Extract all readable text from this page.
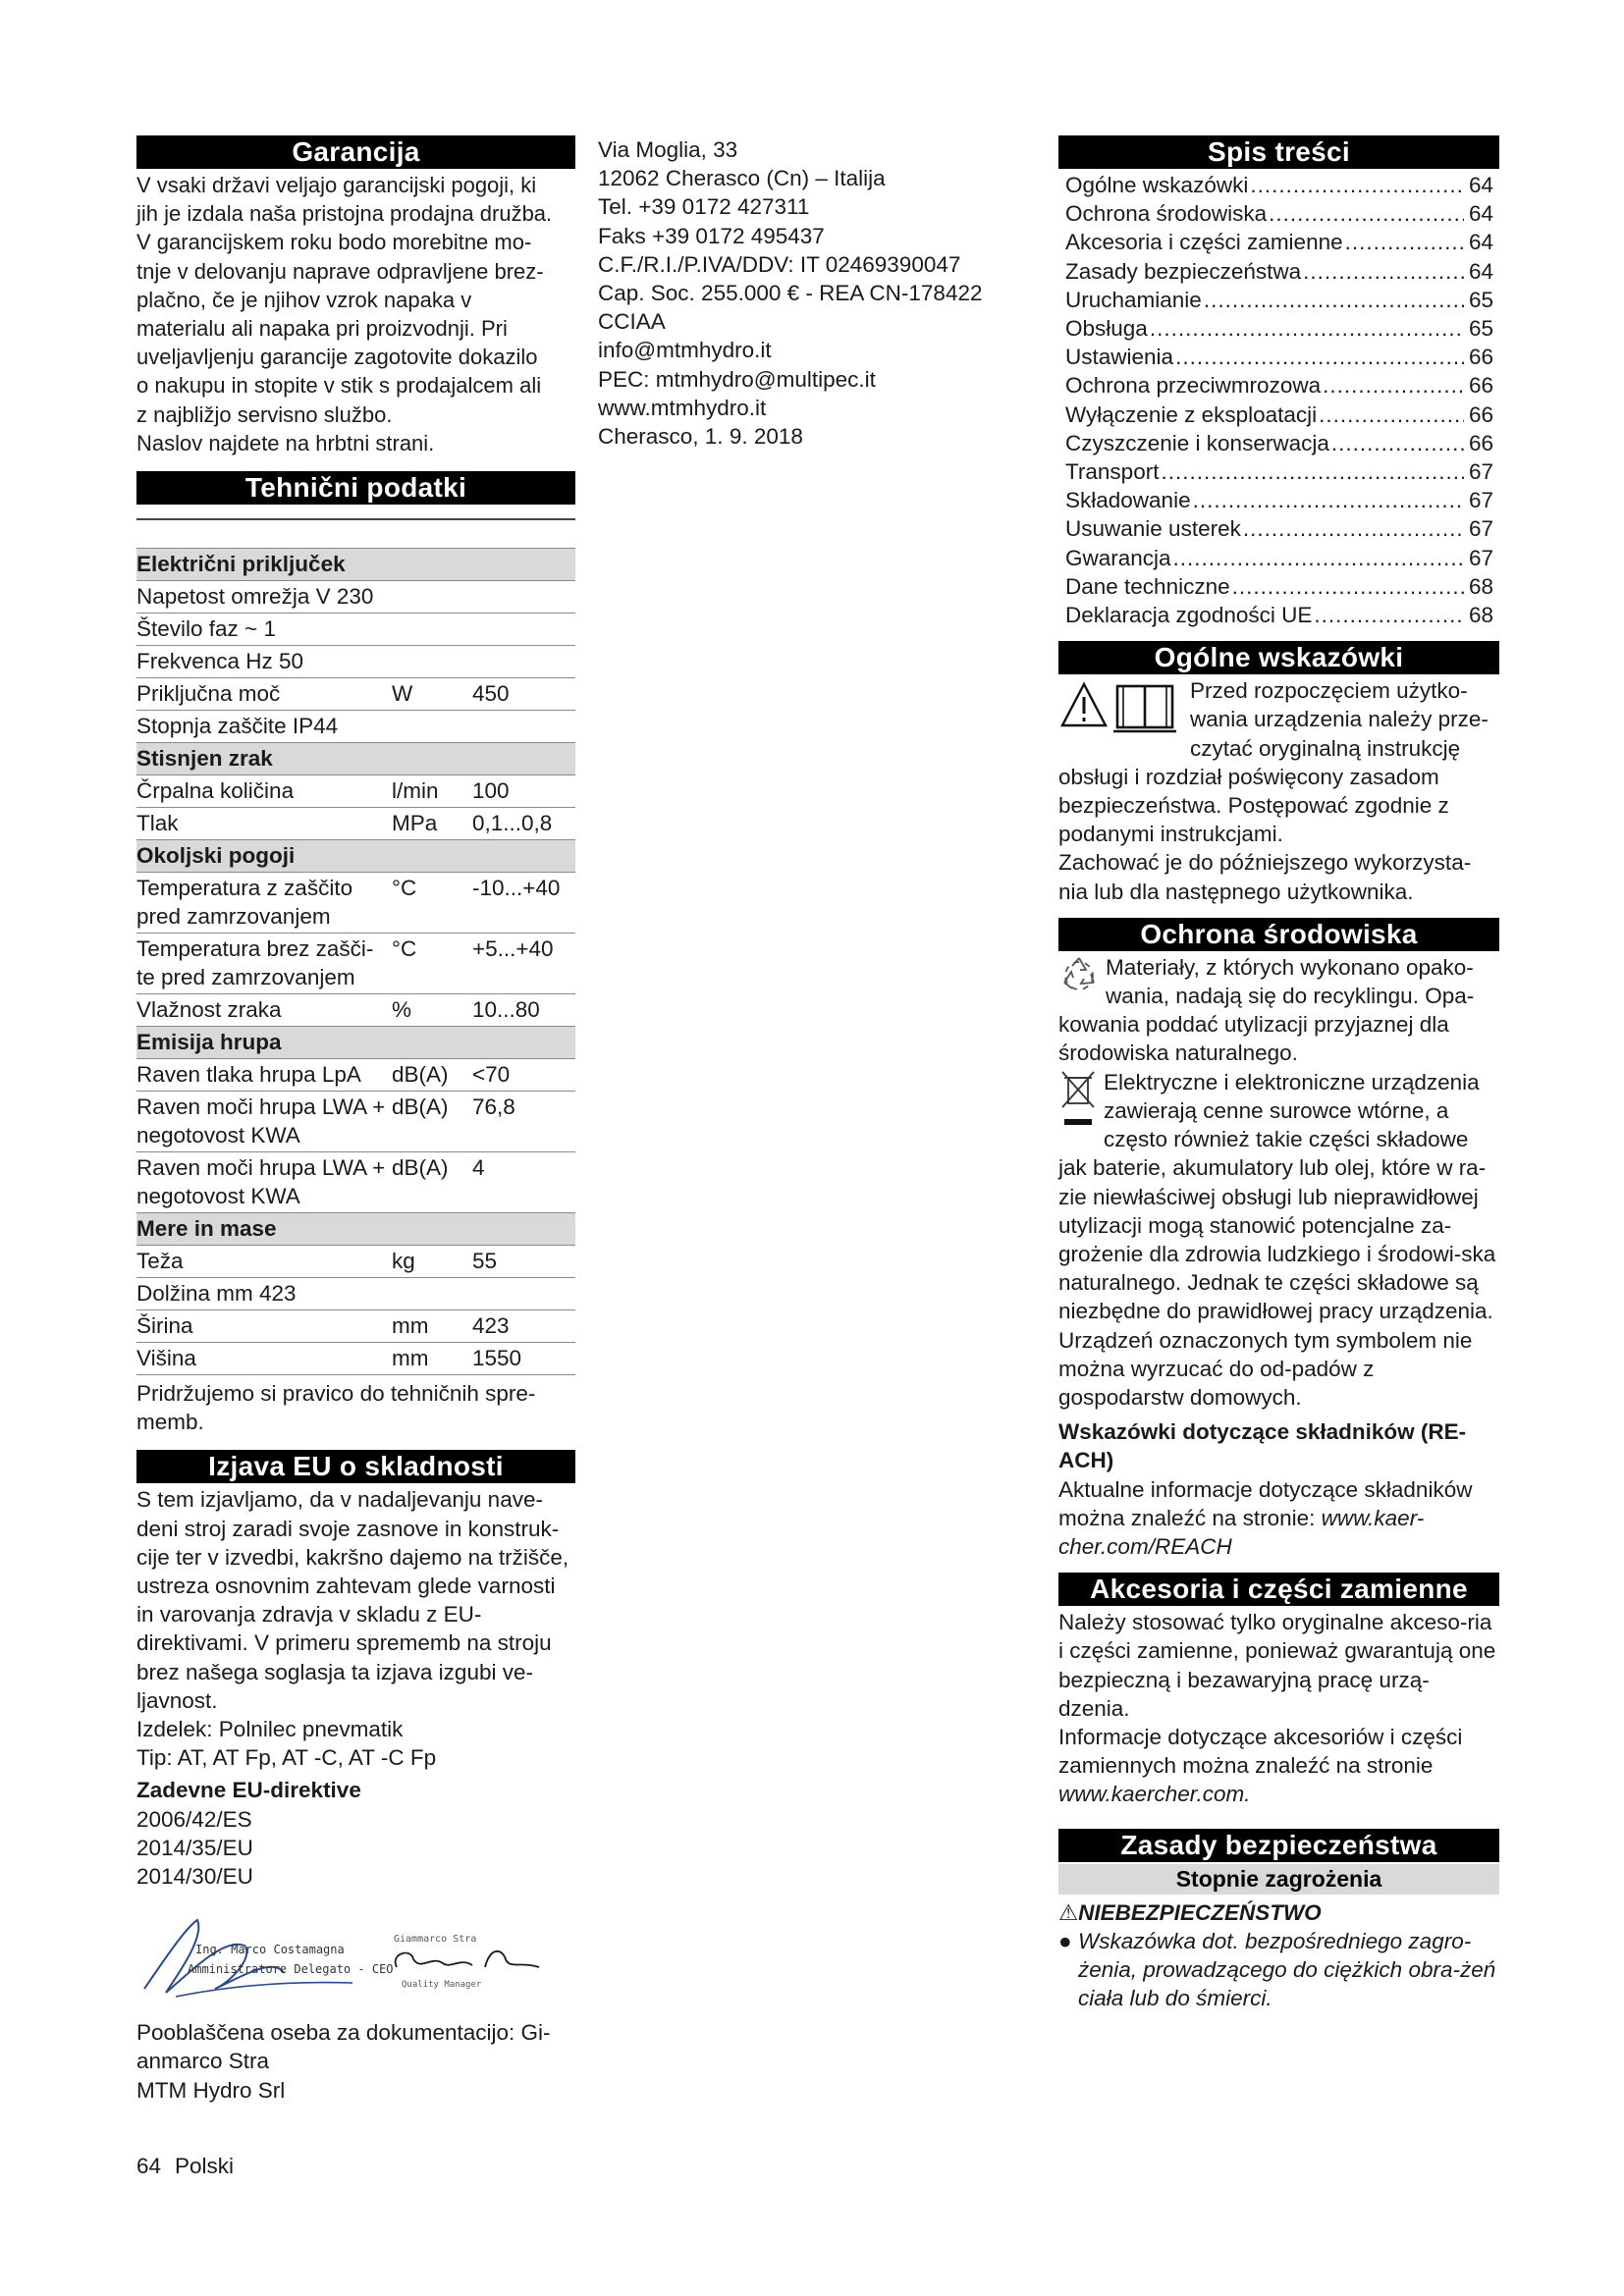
Garancija

V vsaki državi veljajo garancijski pogoji, ki

jih je izdala naša pristojna prodajna družba.

V garancijskem roku bodo morebitne mo-

tnje v delovanju naprave odpravljene brez-

plačno, če je njihov vzrok napaka v

materialu ali napaka pri proizvodnji. Pri

uveljavljenju garancije zagotovite dokazilo

o nakupu in stopite v stik s prodajalcem ali

z najbližjo servisno službo.

Naslov najdete na hrbtni strani.

Tehnični podatki
Električni priključek		
Napetost omrežja V 230		
Število faz ~ 1		
Frekvenca Hz 50		
Priključna moč	W	450
Stopnja zaščite IP44		
Stisnjen zrak		
Črpalna količina	l/min	100
Tlak	MPa	0,1...0,8
Okoljski pogoji		
Temperatura z zaščito pred zamrzovanjem	°C	-10...+40
Temperatura brez zašči-te pred zamrzovanjem	°C	+5...+40
Vlažnost zraka	%	10...80
Emisija hrupa		
Raven tlaka hrupa LpA	dB(A)	<70
Raven moči hrupa LWA + negotovost KWA	dB(A)	76,8
Raven moči hrupa LWA + negotovost KWA	dB(A)	4
Mere in mase		
Teža	kg	55
Dolžina mm 423		
Širina	mm	423
Višina	mm	1550

Pridržujemo si pravico do tehničnih spre-memb.

Izjava EU o skladnosti

S tem izjavljamo, da v nadaljevanju nave-deni stroj zaradi svoje zasnove in konstruk-cije ter v izvedbi, kakršno dajemo na tržišče, ustreza osnovnim zahtevam glede varnosti in varovanja zdravja v skladu z EU-direktivami. V primeru sprememb na stroju brez našega soglasja ta izjava izgubi ve-ljavnost.

Izdelek: Polnilec pnevmatik

Tip: AT, AT Fp, AT -C, AT -C Fp

Zadevne EU-direktive

2006/42/ES

2014/35/EU

2014/30/EU

Ing. Marco Costamagna
Amministratore Delegato - CEO
Giammarco Stra
Quality Manager

Pooblaščena oseba za dokumentacijo: Gi-anmarco Stra

MTM Hydro Srl

Via Moglia, 33

12062 Cherasco (Cn) – Italija

Tel. +39 0172 427311

Faks +39 0172 495437

C.F./R.I./P.IVA/DDV: IT 02469390047

Cap. Soc. 255.000 € - REA CN-178422

CCIAA

info@mtmhydro.it

PEC: mtmhydro@multipec.it

www.mtmhydro.it

Cherasco, 1. 9. 2018

Spis treści
Ogólne wskazówki .....	64
Ochrona środowiska .....	64
Akcesoria i części zamienne .....	64
Zasady bezpieczeństwa .....	64
Uruchamianie .....	65
Obsługa .....	65
Ustawienia .....	66
Ochrona przeciwmrozowa .....	66
Wyłączenie z eksploatacji .....	66
Czyszczenie i konserwacja .....	66
Transport .....	67
Składowanie .....	67
Usuwanie usterek .....	67
Gwarancja .....	67
Dane techniczne .....	68
Deklaracja zgodności UE .....	68
Ogólne wskazówki

Przed rozpoczęciem użytko-wania urządzenia należy prze-czytać oryginalną instrukcję obsługi i rozdział poświęcony zasadom bezpieczeństwa. Postępować zgodnie z podanymi instrukcjami.

Zachować je do późniejszego wykorzysta-nia lub dla następnego użytkownika.

Ochrona środowiska

Materiały, z których wykonano opako-wania, nadają się do recyklingu. Opa-kowania poddać utylizacji przyjaznej dla środowiska naturalnego.

Elektryczne i elektroniczne urządzenia zawierają cenne surowce wtórne, a często również takie części składowe jak baterie, akumulatory lub olej, które w ra-zie niewłaściwej obsługi lub nieprawidłowej utylizacji mogą stanowić potencjalne za-grożenie dla zdrowia ludzkiego i środowi-ska naturalnego. Jednak te części składowe są niezbędne do prawidłowej pracy urządzenia. Urządzeń oznaczonych tym symbolem nie można wyrzucać do od-padów z gospodarstw domowych.

Wskazówki dotyczące składników (RE-ACH)

Aktualne informacje dotyczące składników można znaleźć na stronie: www.kaer-cher.com/REACH

Akcesoria i części zamienne

Należy stosować tylko oryginalne akceso-ria i części zamienne, ponieważ gwarantują one bezpieczną i bezawaryjną pracę urzą-dzenia.

Informacje dotyczące akcesoriów i części zamiennych można znaleźć na stronie

www.kaercher.com.

Zasady bezpieczeństwa
Stopnie zagrożenia

⚠NIEBEZPIECZEŃSTWO

● Wskazówka dot. bezpośredniego zagro-żenia, prowadzącego do ciężkich obra-żeń ciała lub do śmierci.
64 Polski
